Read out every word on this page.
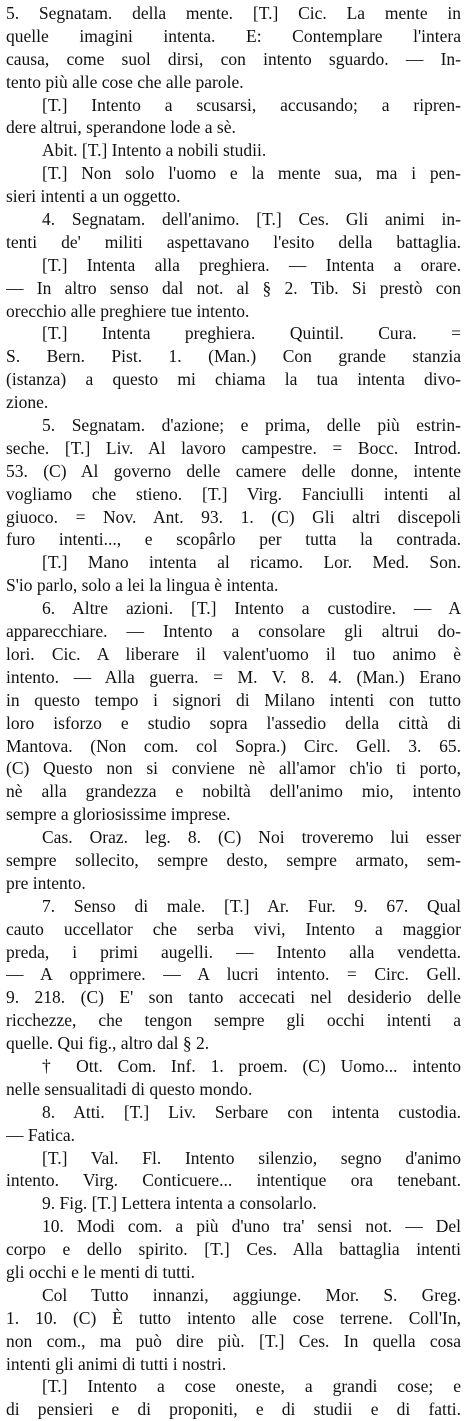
5. Segnatam. della mente. [T.] Cic. La mente in
quelle imagini intenta. E: Contemplare l'intera
causa, come suol dirsi, con intento sguardo. — In-
tento più alle cose che alle parole.
[T.] Intento a scusarsi, accusando; a ripren-
dere altrui, sperandone lode a sè.
Abit. [T.] Intento a nobili studii.
[T.] Non solo l'uomo e la mente sua, ma i pen-
sieri intenti a un oggetto.
4. Segnatam. dell'animo. [T.] Ces. Gli animi in-
tenti de' militi aspettavano l'esito della battaglia.
[T.] Intenta alla preghiera. — Intenta a orare.
— In altro senso dal not. al § 2. Tib. Si prestò con
orecchio alle preghiere tue intento.
[T.] Intenta preghiera. Quintil. Cura. =
S. Bern. Pist. 1. (Man.) Con grande stanzia
(istanza) a questo mi chiama la tua intenta divo-
zione.
5. Segnatam. d'azione; e prima, delle più estrin-
seche. [T.] Liv. Al lavoro campestre. = Bocc. Introd.
53. (C) Al governo delle camere delle donne, intente
vogliamo che stieno. [T.] Virg. Fanciulli intenti al
giuoco. = Nov. Ant. 93. 1. (C) Gli altri discepoli
furo intenti..., e scopârlo per tutta la contrada.
[T.] Mano intenta al ricamo. Lor. Med. Son.
S'io parlo, solo a lei la lingua è intenta.
6. Altre azioni. [T.] Intento a custodire. — A
apparecchiare. — Intento a consolare gli altrui do-
lori. Cic. A liberare il valent'uomo il tuo animo è
intento. — Alla guerra. = M. V. 8. 4. (Man.) Erano
in questo tempo i signori di Milano intenti con tutto
loro isforzo e studio sopra l'assedio della città di
Mantova. (Non com. col Sopra.) Circ. Gell. 3. 65.
(C) Questo non si conviene nè all'amor ch'io ti porto,
nè alla grandezza e nobiltà dell'animo mio, intento
sempre a gloriosissime imprese.
Cas. Oraz. leg. 8. (C) Noi troveremo lui esser
sempre sollecito, sempre desto, sempre armato, sem-
pre intento.
7. Senso di male. [T.] Ar. Fur. 9. 67. Qual
cauto uccellator che serba vivi, Intento a maggior
preda, i primi augelli. — Intento alla vendetta.
— A opprimere. — A lucri intento. = Circ. Gell.
9. 218. (C) E' son tanto accecati nel desiderio delle
ricchezze, che tengon sempre gli occhi intenti a
quelle. Qui fig., altro dal § 2.
† Ott. Com. Inf. 1. proem. (C) Uomo... intento
nelle sensualitadi di questo mondo.
8. Atti. [T.] Liv. Serbare con intenta custodia.
— Fatica.
[T.] Val. Fl. Intento silenzio, segno d'animo
intento. Virg. Conticuere... intentique ora tenebant.
9. Fig. [T.] Lettera intenta a consolarlo.
10. Modi com. a più d'uno tra' sensi not. — Del
corpo e dello spirito. [T.] Ces. Alla battaglia intenti
gli occhi e le menti di tutti.
Col Tutto innanzi, aggiunge. Mor. S. Greg.
1. 10. (C) È tutto intento alle cose terrene. Coll'In,
non com., ma può dire più. [T.] Ces. In quella cosa
intenti gli animi di tutti i nostri.
[T.] Intento a cose oneste, a grandi cose; e
di pensieri e di proponiti, e di studii e di fatti.
